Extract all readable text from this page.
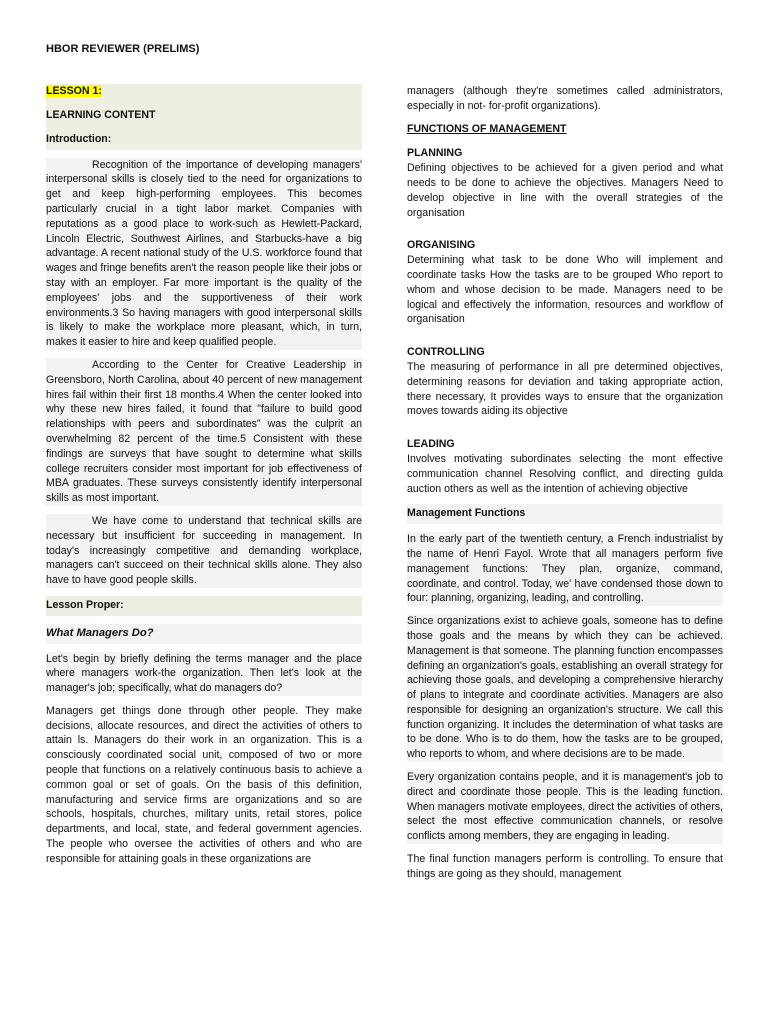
HBOR REVIEWER (PRELIMS)
LESSON 1:
LEARNING CONTENT
Introduction:

Recognition of the importance of developing managers' interpersonal skills is closely tied to the need for organizations to get and keep high-performing employees. This becomes particularly crucial in a tight labor market. Companies with reputations as a good place to work-such as Hewlett-Packard, Lincoln Electric, Southwest Airlines, and Starbucks-have a big advantage. A recent national study of the U.S. workforce found that wages and fringe benefits aren't the reason people like their jobs or stay with an employer. Far more important is the quality of the employees' jobs and the supportiveness of their work environments.3 So having managers with good interpersonal skills is likely to make the workplace more pleasant, which, in turn, makes it easier to hire and keep qualified people.

According to the Center for Creative Leadership in Greensboro, North Carolina, about 40 percent of new management hires fail within their first 18 months.4 When the center looked into why these new hires failed, it found that "failure to build good relationships with peers and subordinates" was the culprit an overwhelming 82 percent of the time.5 Consistent with these findings are surveys that have sought to determine what skills college recruiters consider most important for job effectiveness of MBA graduates. These surveys consistently identify interpersonal skills as most important.

We have come to understand that technical skills are necessary but insufficient for succeeding in management. In today's increasingly competitive and demanding workplace, managers can't succeed on their technical skills alone. They also have to have good people skills.

Lesson Proper:
What Managers Do?

Let's begin by briefly defining the terms manager and the place where managers work-the organization. Then let's look at the manager's job; specifically, what do managers do?

Managers get things done through other people. They make decisions, allocate resources, and direct the activities of others to attain ls. Managers do their work in an organization. This is a consciously coordinated social unit, composed of two or more people that functions on a relatively continuous basis to achieve a common goal or set of goals. On the basis of this definition, manufacturing and service firms are organizations and so are schools, hospitals, churches, military units, retail stores, police departments, and local, state, and federal government agencies. The people who oversee the activities of others and who are responsible for attaining goals in these organizations are

managers (although they're sometimes called administrators, especially in not- for-profit organizations).

FUNCTIONS OF MANAGEMENT
PLANNING

Defining objectives to be achieved for a given period and what needs to be done to achieve the objectives. Managers Need to develop objective in line with the overall strategies of the organisation

ORGANISING

Determining what task to be done Who will implement and coordinate tasks How the tasks are to be grouped Who report to whom and whose decision to be made. Managers need to be logical and effectively the information, resources and workflow of organisation

CONTROLLING

The measuring of performance in all pre determined objectives, determining reasons for deviation and taking appropriate action, there necessary, It provides ways to ensure that the organization moves towards aiding its objective

LEADING

Involves motivating subordinates selecting the mont effective communication channel Resolving conflict, and directing gulda auction others as well as the intention of achieving objective

Management Functions

In the early part of the twentieth century, a French industrialist by the name of Henri Fayol. Wrote that all managers perform five management functions: They plan, organize, command, coordinate, and control. Today, we' have condensed those down to four: planning, organizing, leading, and controlling.

Since organizations exist to achieve goals, someone has to define those goals and the means by which they can be achieved. Management is that someone. The planning function encompasses defining an organization's goals, establishing an overall strategy for achieving those goals, and developing a comprehensive hierarchy of plans to integrate and coordinate activities. Managers are also responsible for designing an organization's structure. We call this function organizing. It includes the determination of what tasks are to be done. Who is to do them, how the tasks are to be grouped, who reports to whom, and where decisions are to be made.

Every organization contains people, and it is management's job to direct and coordinate those people. This is the leading function. When managers motivate employees, direct the activities of others, select the most effective communication channels, or resolve conflicts among members, they are engaging in leading.

The final function managers perform is controlling. To ensure that things are going as they should, management
